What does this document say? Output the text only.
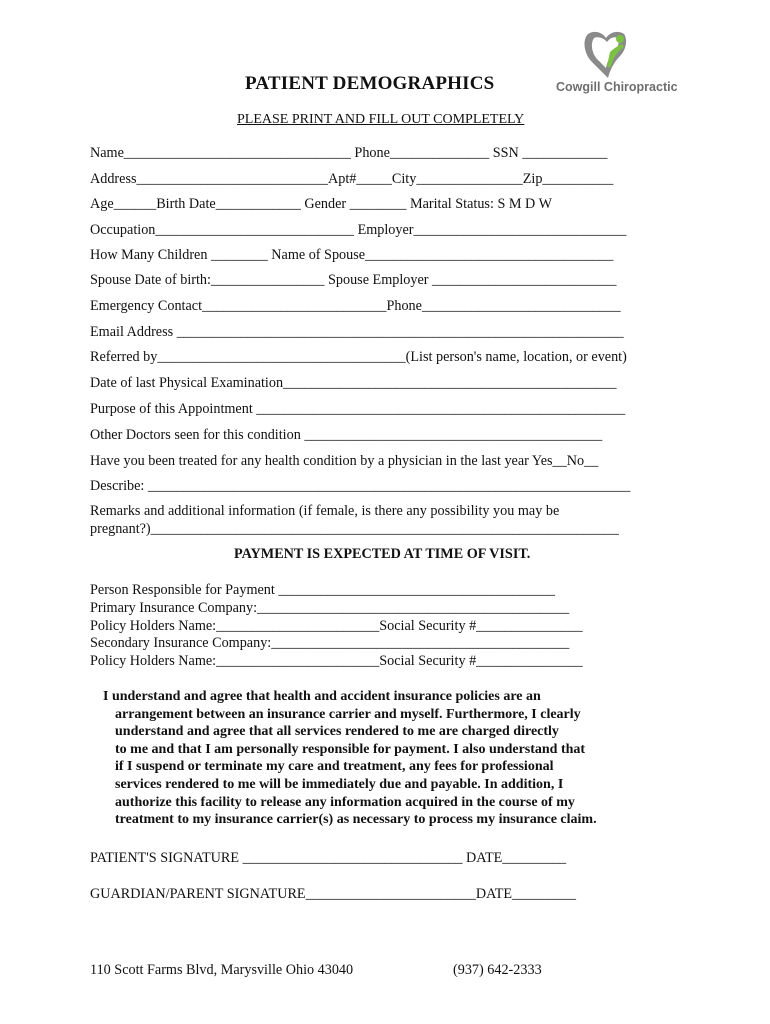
PATIENT DEMOGRAPHICS	Cowgill Chiropractic
PLEASE PRINT AND FILL OUT COMPLETELY
Name________________________________ Phone______________ SSN ____________
Address___________________________Apt#_____City_______________Zip__________
Age______Birth Date____________ Gender ________ Marital Status: S M D W
Occupation____________________________ Employer______________________________
How Many Children ________ Name of Spouse___________________________________
Spouse Date of birth:________________ Spouse Employer __________________________
Emergency Contact__________________________Phone____________________________
Email Address _______________________________________________________________
Referred by___________________________________(List person's name, location, or event)
Date of last Physical Examination_______________________________________________
Purpose of this Appointment ____________________________________________________
Other Doctors seen for this condition __________________________________________
Have you been treated for any health condition by a physician in the last year Yes__No__
Describe: ____________________________________________________________________
Remarks and additional information (if female, is there any possibility you may be
pregnant?)__________________________________________________________________
PAYMENT IS EXPECTED AT TIME OF VISIT.
Person Responsible for Payment _______________________________________
Primary Insurance Company:____________________________________________
Policy Holders Name:_______________________Social Security #_______________
Secondary Insurance Company:__________________________________________
Policy Holders Name:_______________________Social Security #_______________
I understand and agree that health and accident insurance policies are an
arrangement between an insurance carrier and myself. Furthermore, I clearly
understand and agree that all services rendered to me are charged directly
to me and that I am personally responsible for payment. I also understand that
if I suspend or terminate my care and treatment, any fees for professional
services rendered to me will be immediately due and payable. In addition, I
authorize this facility to release any information acquired in the course of my
treatment to my insurance carrier(s) as necessary to process my insurance claim.
PATIENT'S SIGNATURE _______________________________ DATE_________
GUARDIAN/PARENT SIGNATURE________________________DATE_________
110 Scott Farms Blvd, Marysville Ohio 43040	(937) 642-2333
